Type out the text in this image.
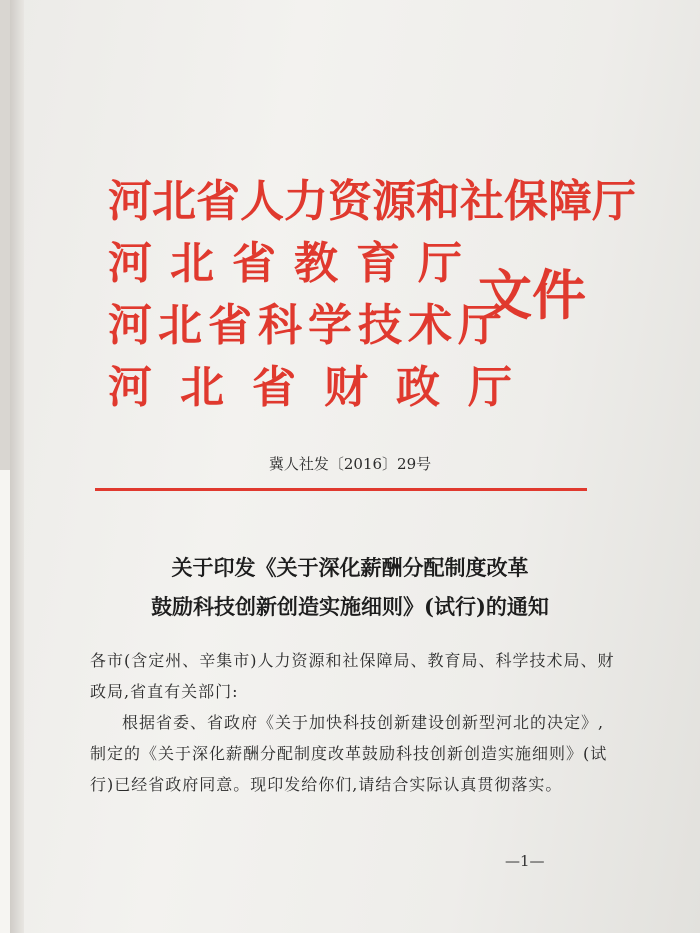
河北省人力资源和社保障厅
河北省教育厅
河北省科学技术厅
河北省财政厅
文件
冀人社发〔2016〕29号
关于印发《关于深化薪酬分配制度改革
鼓励科技创新创造实施细则》(试行)的通知
各市(含定州、辛集市)人力资源和社保障局、教育局、科学技术局、财政局,省直有关部门:
根据省委、省政府《关于加快科技创新建设创新型河北的决定》,制定的《关于深化薪酬分配制度改革鼓励科技创新创造实施细则》(试行)已经省政府同意。现印发给你们,请结合实际认真贯彻落实。
—1—
